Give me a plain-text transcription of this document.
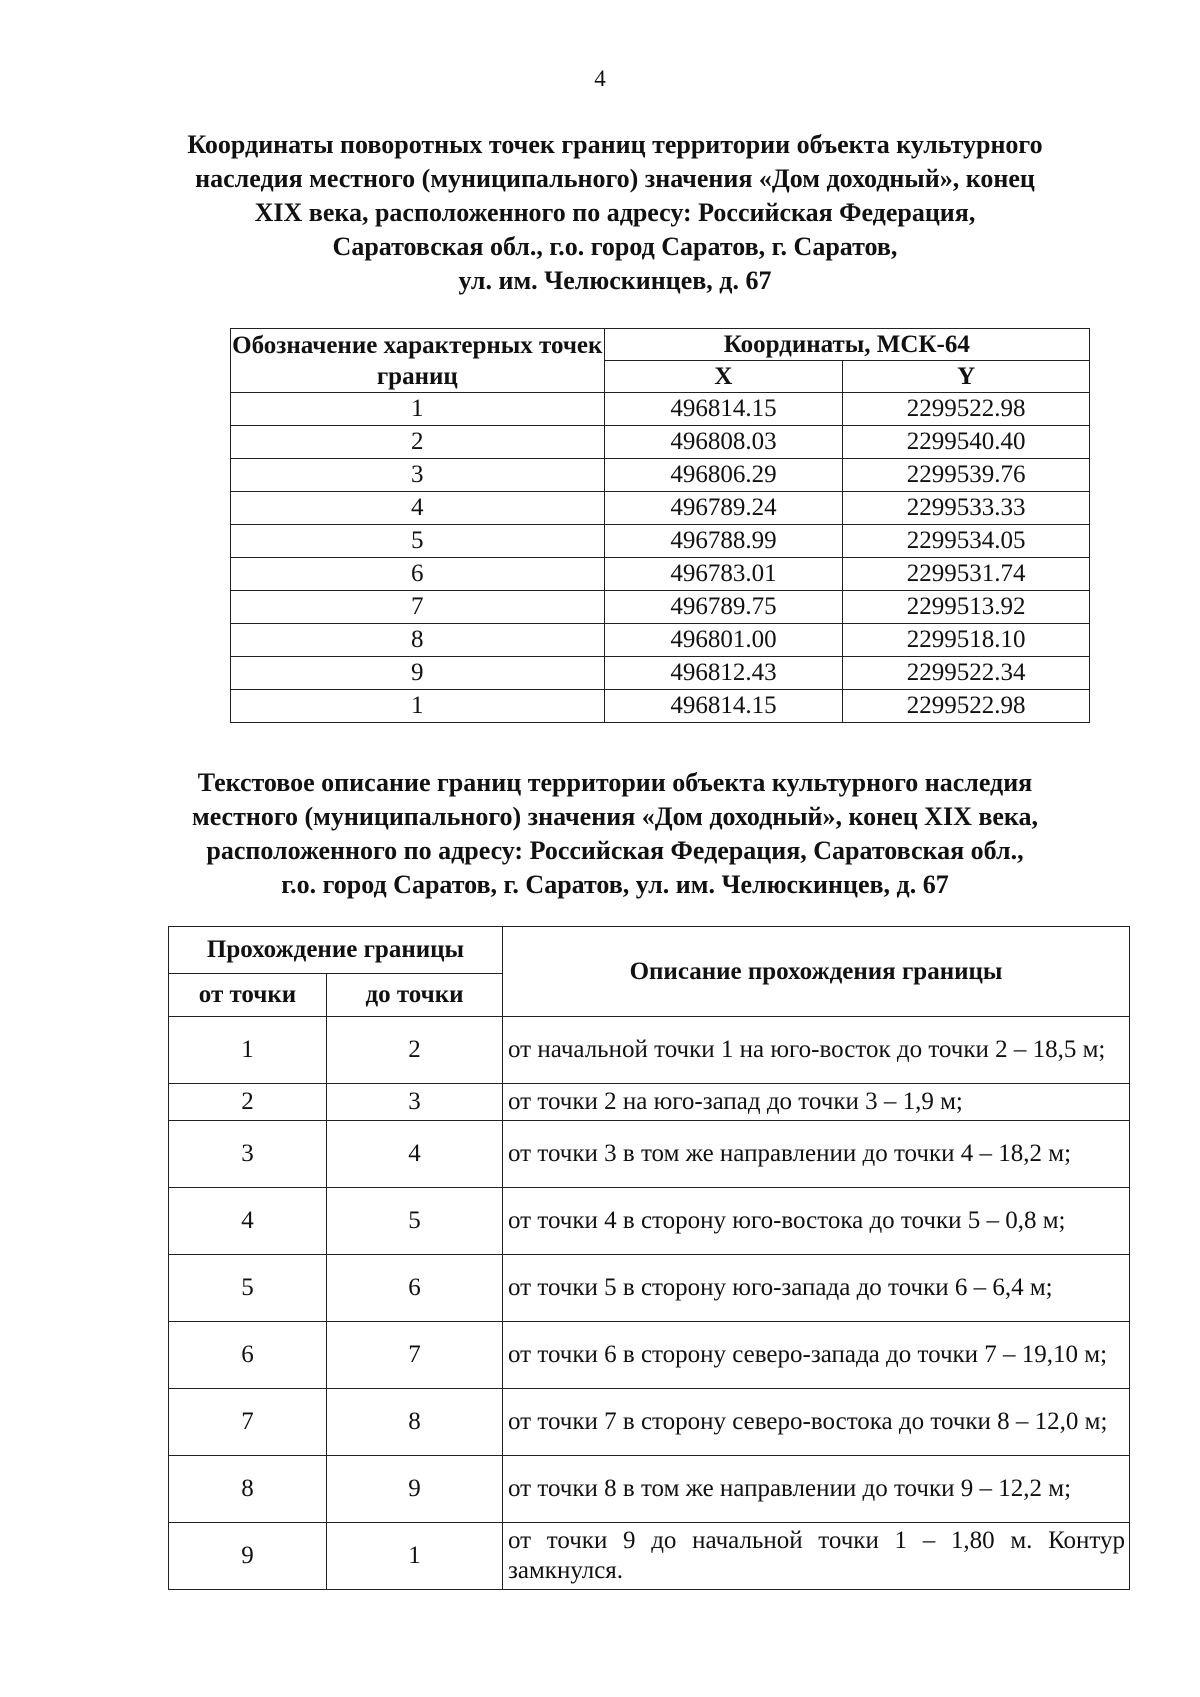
4
Координаты поворотных точек границ территории объекта культурного
наследия местного (муниципального) значения «Дом доходный», конец
XIX века, расположенного по адресу: Российская Федерация,
Саратовская обл., г.о. город Саратов, г. Саратов,
ул. им. Челюскинцев, д. 67
Обозначение характерных точек границ	Координаты, МСК-64	
	X	Y
1	496814.15	2299522.98
2	496808.03	2299540.40
3	496806.29	2299539.76
4	496789.24	2299533.33
5	496788.99	2299534.05
6	496783.01	2299531.74
7	496789.75	2299513.92
8	496801.00	2299518.10
9	496812.43	2299522.34
1	496814.15	2299522.98
Текстовое описание границ территории объекта культурного наследия
местного (муниципального) значения «Дом доходный», конец XIX века,
расположенного по адресу: Российская Федерация, Саратовская обл.,
г.о. город Саратов, г. Саратов, ул. им. Челюскинцев, д. 67
Прохождение границы		Описание прохождения границы
от точки	до точки	
1	2	от начальной точки 1 на юго-восток до точки 2 – 18,5 м;
2	3	от точки 2 на юго-запад до точки 3 – 1,9 м;
3	4	от точки 3 в том же направлении до точки 4 – 18,2 м;
4	5	от точки 4 в сторону юго-востока до точки 5 – 0,8 м;
5	6	от точки 5 в сторону юго-запада до точки 6 – 6,4 м;
6	7	от точки 6 в сторону северо-запада до точки 7 – 19,10 м;
7	8	от точки 7 в сторону северо-востока до точки 8 – 12,0 м;
8	9	от точки 8 в том же направлении до точки 9 – 12,2 м;
9	1	от точки 9 до начальной точки 1 – 1,80 м. Контур замкнулся.
